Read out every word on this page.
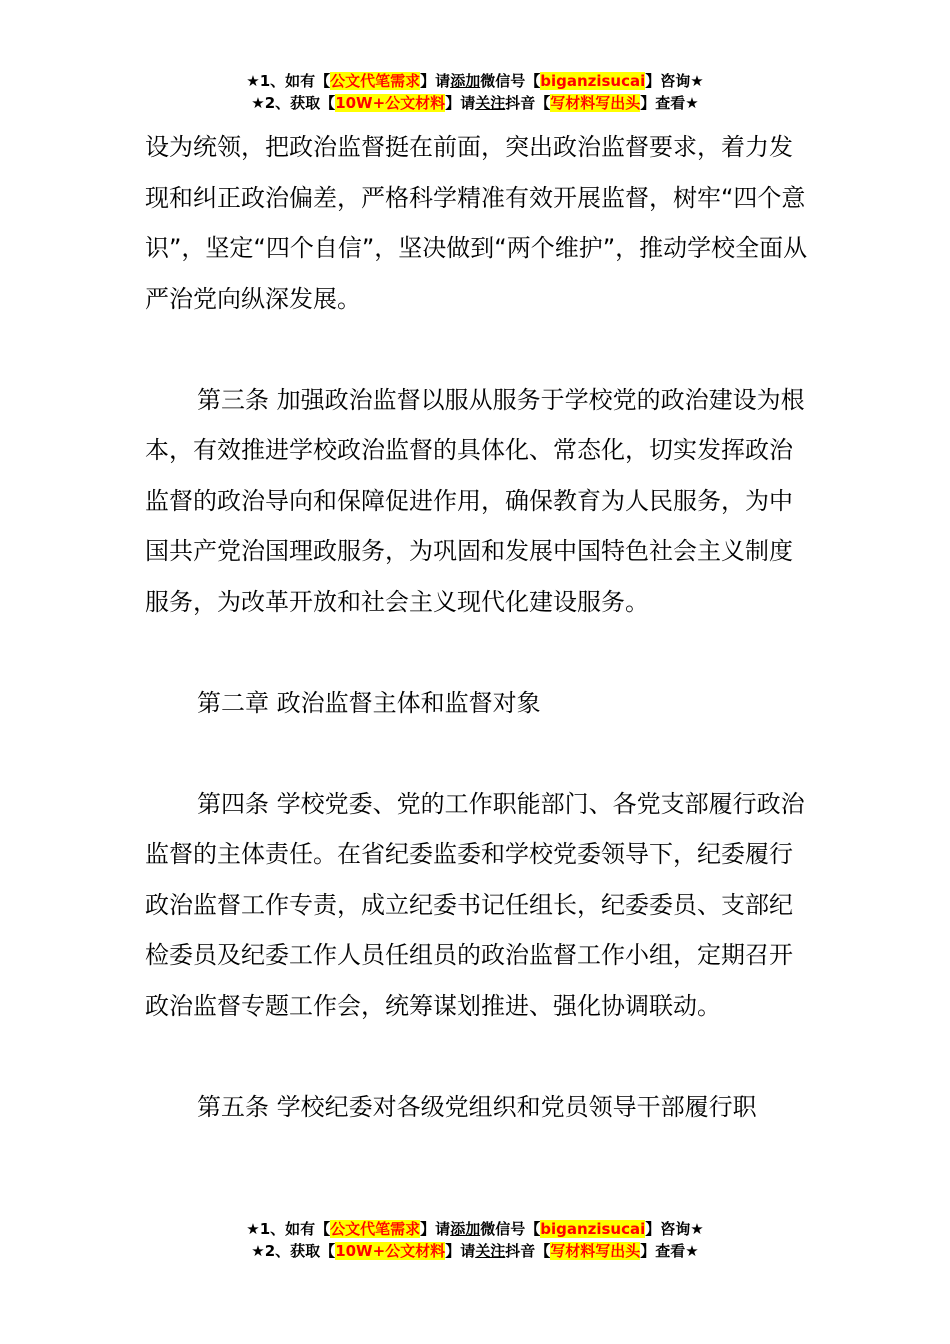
★1、如有【公文代笔需求】请添加微信号【biganzisucai】咨询★
★2、获取【10W+公文材料】请关注抖音【写材料写出头】查看★

设为统领，把政治监督挺在前面，突出政治监督要求，着力发现和纠正政治偏差，严格科学精准有效开展监督，树牢“四个意识”，坚定“四个自信”，坚决做到“两个维护”，推动学校全面从严治党向纵深发展。

第三条 加强政治监督以服从服务于学校党的政治建设为根本，有效推进学校政治监督的具体化、常态化，切实发挥政治监督的政治导向和保障促进作用，确保教育为人民服务，为中国共产党治国理政服务，为巩固和发展中国特色社会主义制度服务，为改革开放和社会主义现代化建设服务。

第二章 政治监督主体和监督对象

第四条 学校党委、党的工作职能部门、各党支部履行政治监督的主体责任。在省纪委监委和学校党委领导下，纪委履行政治监督工作专责，成立纪委书记任组长，纪委委员、支部纪检委员及纪委工作人员任组员的政治监督工作小组，定期召开政治监督专题工作会，统筹谋划推进、强化协调联动。

第五条 学校纪委对各级党组织和党员领导干部履行职

★1、如有【公文代笔需求】请添加微信号【biganzisucai】咨询★
★2、获取【10W+公文材料】请关注抖音【写材料写出头】查看★
